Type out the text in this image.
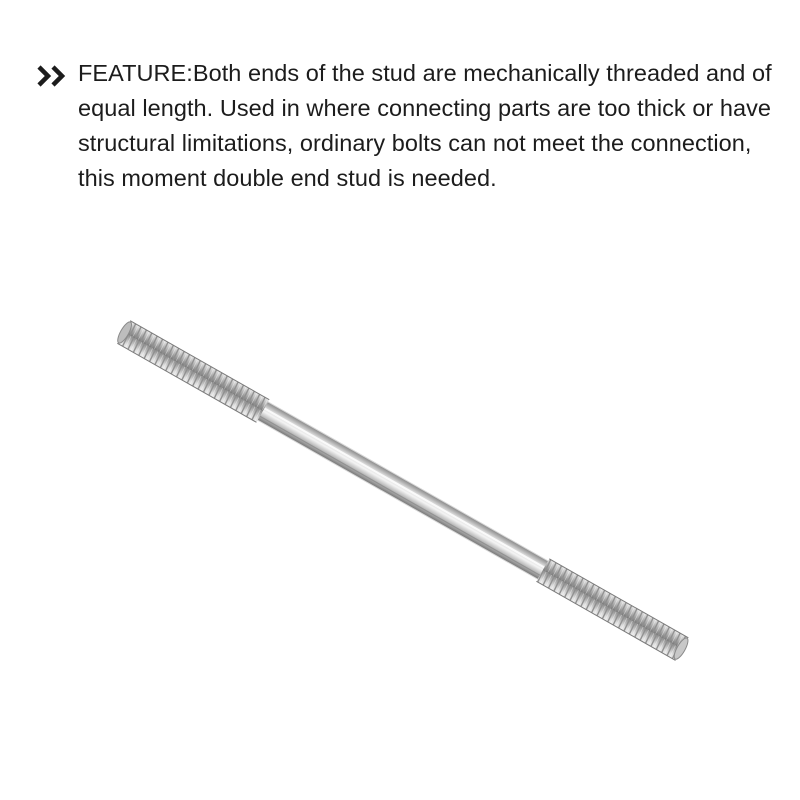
FEATURE:Both ends of the stud are mechanically threaded and of equal length. Used in where connecting parts are too thick or have structural limitations, ordinary bolts can not meet the connection, this moment double end stud is needed.
